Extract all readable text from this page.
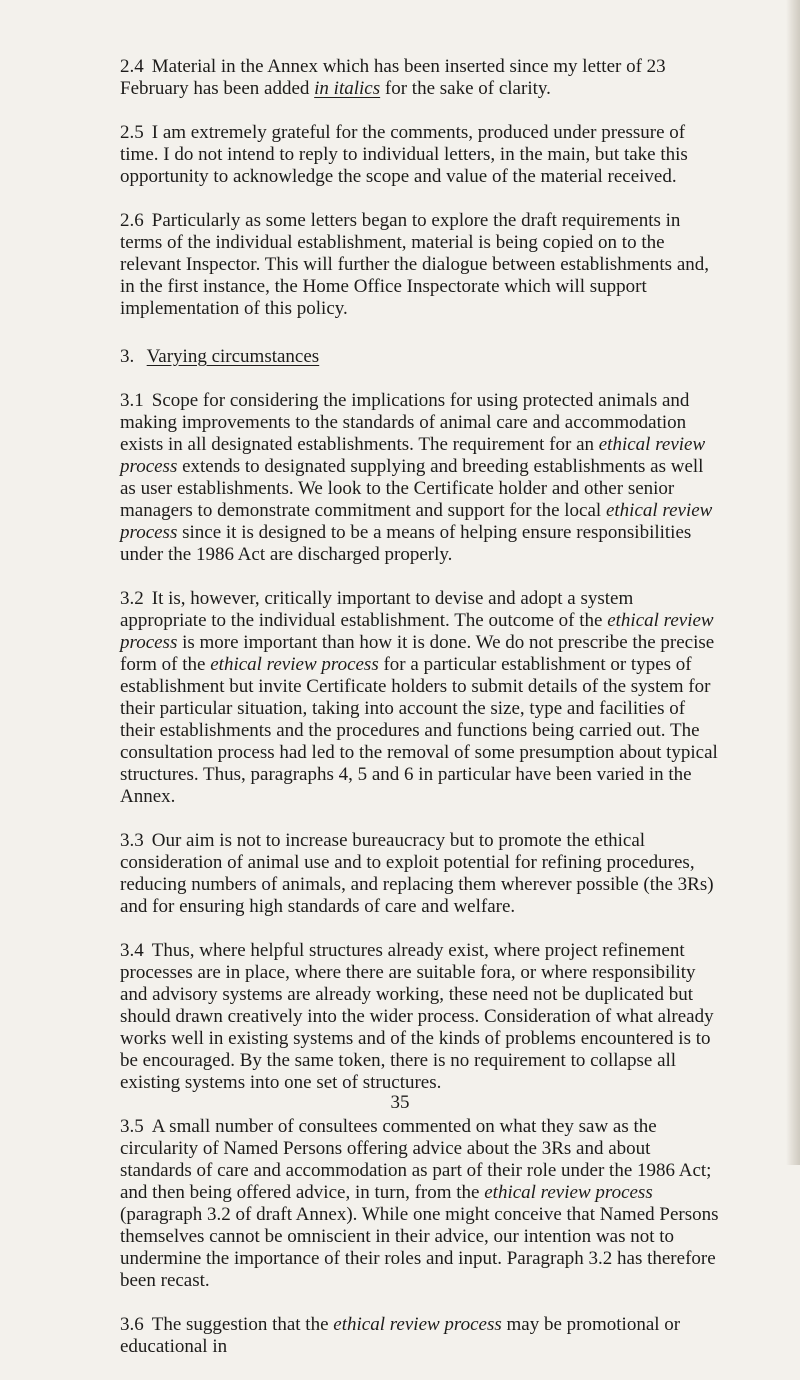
2.4 Material in the Annex which has been inserted since my letter of 23 February has been added in italics for the sake of clarity.

2.5 I am extremely grateful for the comments, produced under pressure of time. I do not intend to reply to individual letters, in the main, but take this opportunity to acknowledge the scope and value of the material received.

2.6 Particularly as some letters began to explore the draft requirements in terms of the individual establishment, material is being copied on to the relevant Inspector. This will further the dialogue between establishments and, in the first instance, the Home Office Inspectorate which will support implementation of this policy.

3. Varying circumstances

3.1 Scope for considering the implications for using protected animals and making improvements to the standards of animal care and accommodation exists in all designated establishments. The requirement for an ethical review process extends to designated supplying and breeding establishments as well as user establishments. We look to the Certificate holder and other senior managers to demonstrate commitment and support for the local ethical review process since it is designed to be a means of helping ensure responsibilities under the 1986 Act are discharged properly.

3.2 It is, however, critically important to devise and adopt a system appropriate to the individual establishment. The outcome of the ethical review process is more important than how it is done. We do not prescribe the precise form of the ethical review process for a particular establishment or types of establishment but invite Certificate holders to submit details of the system for their particular situation, taking into account the size, type and facilities of their establishments and the procedures and functions being carried out. The consultation process had led to the removal of some presumption about typical structures. Thus, paragraphs 4, 5 and 6 in particular have been varied in the Annex.

3.3 Our aim is not to increase bureaucracy but to promote the ethical consideration of animal use and to exploit potential for refining procedures, reducing numbers of animals, and replacing them wherever possible (the 3Rs) and for ensuring high standards of care and welfare.

3.4 Thus, where helpful structures already exist, where project refinement processes are in place, where there are suitable fora, or where responsibility and advisory systems are already working, these need not be duplicated but should drawn creatively into the wider process. Consideration of what already works well in existing systems and of the kinds of problems encountered is to be encouraged. By the same token, there is no requirement to collapse all existing systems into one set of structures.

3.5 A small number of consultees commented on what they saw as the circularity of Named Persons offering advice about the 3Rs and about standards of care and accommodation as part of their role under the 1986 Act; and then being offered advice, in turn, from the ethical review process (paragraph 3.2 of draft Annex). While one might conceive that Named Persons themselves cannot be omniscient in their advice, our intention was not to undermine the importance of their roles and input. Paragraph 3.2 has therefore been recast.

3.6 The suggestion that the ethical review process may be promotional or educational in

35
